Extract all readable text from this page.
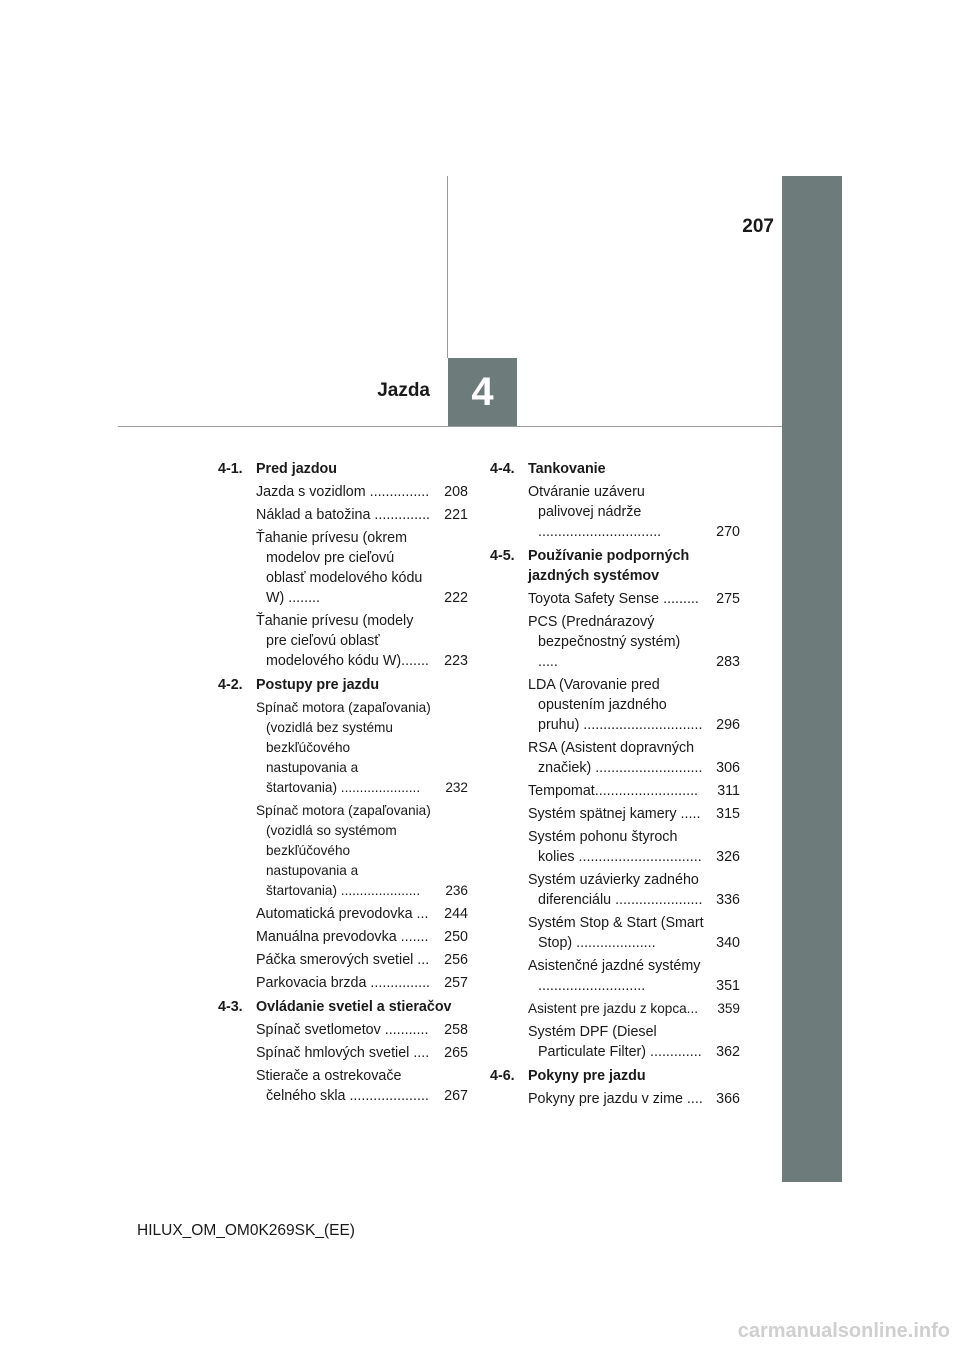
207
4
Jazda
4-1. Pred jazdou
Jazda s vozidlom ............... 208
Náklad a batožina .............. 221
Ťahanie prívesu (okrem modelov pre cieľovú oblasť modelového kódu W) ........	222
Ťahanie prívesu (modely pre cieľovú oblasť modelového kódu W)....... 223
4-2. Postupy pre jazdu
Spínač motora (zapaľovania) (vozidlá bez systému bezkľúčového nastupovania a štartovania) ..................... 232
Spínač motora (zapaľovania) (vozidlá so systémom bezkľúčového nastupovania a štartovania) ..................... 236
Automatická prevodovka ... 244
Manuálna prevodovka ....... 250
Páčka smerových svetiel ... 256
Parkovacia brzda ............... 257
4-3. Ovládanie svetiel a stieračov
Spínač svetlometov ........... 258
Spínač hmlových svetiel .... 265
Stierače a ostrekovače čelného skla .................... 267
4-4. Tankovanie
Otváranie uzáveru palivovej nádrže ...............................	270
4-5. Používanie podporných jazdných systémov
Toyota Safety Sense ......... 275
PCS (Prednárazový bezpečnostný systém) .....	283
LDA (Varovanie pred opustením jazdného pruhu) .............................. 296
RSA (Asistent dopravných značiek) ........................... 306
Tempomat.......................... 311
Systém spätnej kamery ..... 315
Systém pohonu štyroch kolies ............................... 326
Systém uzávierky zadného diferenciálu ...................... 336
Systém Stop & Start (Smart Stop) ....................	340
Asistenčné jazdné systémy ...........................	351
Asistent pre jazdu z kopca... 359
Systém DPF (Diesel Particulate Filter) ............. 362
4-6. Pokyny pre jazdu
Pokyny pre jazdu v zime .... 366
HILUX_OM_OM0K269SK_(EE)
carmanualsonline.info
